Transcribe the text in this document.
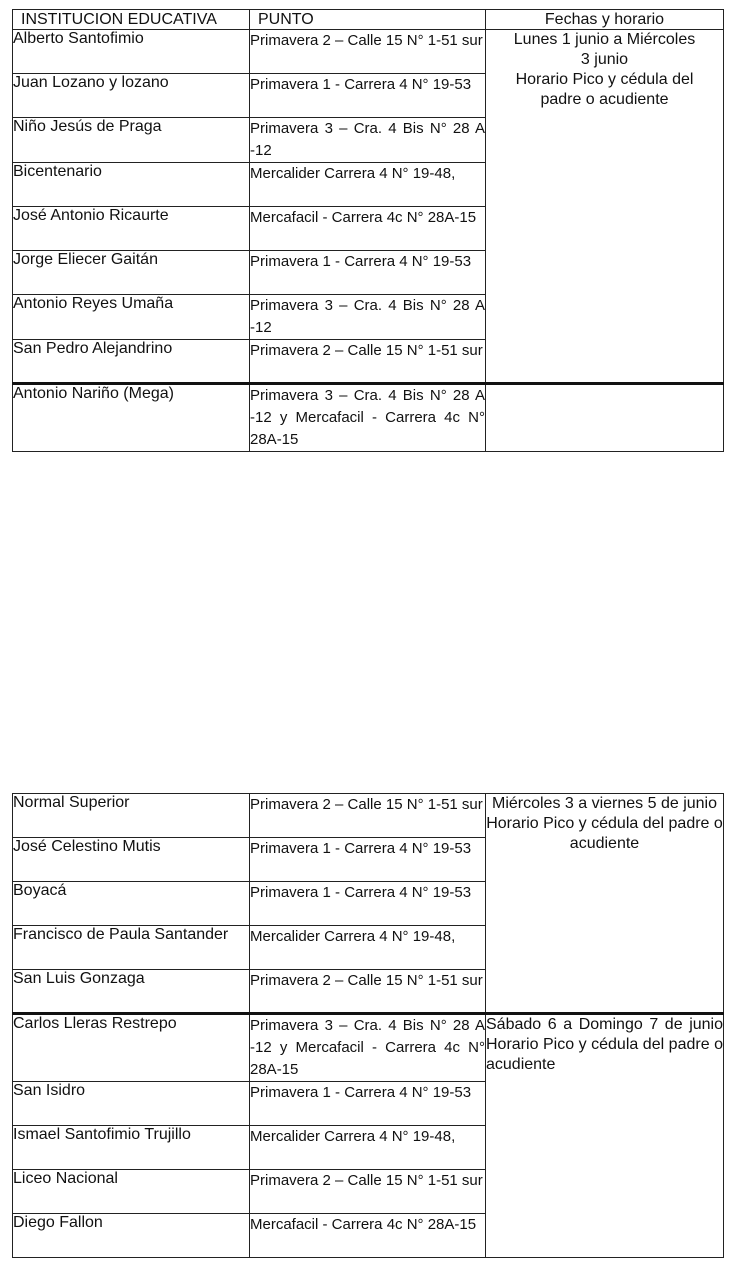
INSTITUCION EDUCATIVA	PUNTO	Fechas y horario
Alberto Santofimio	Primavera 2 – Calle 15 N° 1-51 sur	Lunes 1 junio a Miércoles
3 junio
Horario Pico y cédula del
padre o acudiente

Juan Lozano y lozano	Primavera 1 - Carrera 4 N° 19-53	
Niño Jesús de Praga	Primavera 3 – Cra. 4 Bis N° 28 A -12	
Bicentenario	Mercalider Carrera 4 N° 19-48,	
José Antonio Ricaurte	Mercafacil - Carrera 4c N° 28A-15	
Jorge Eliecer Gaitán	Primavera 1 - Carrera 4 N° 19-53	
Antonio Reyes Umaña	Primavera 3 – Cra. 4 Bis N° 28 A -12	
San Pedro Alejandrino	Primavera 2 – Calle 15 N° 1-51 sur	
Antonio Nariño (Mega)	Primavera 3 – Cra. 4 Bis N° 28 A -12 y Mercafacil - Carrera 4c N° 28A-15	
Normal Superior	Primavera 2 – Calle 15 N° 1-51 sur	Miércoles 3 a viernes 5 de junio Horario Pico y cédula del padre o acudiente
José Celestino Mutis	Primavera 1 - Carrera 4 N° 19-53	
Boyacá	Primavera 1 - Carrera 4 N° 19-53	
Francisco de Paula Santander	Mercalider Carrera 4 N° 19-48,	
San Luis Gonzaga	Primavera 2 – Calle 15 N° 1-51 sur	
Carlos Lleras Restrepo	Primavera 3 – Cra. 4 Bis N° 28 A -12 y Mercafacil - Carrera 4c N° 28A-15	Sábado 6 a Domingo 7 de junio Horario Pico y cédula del padre o acudiente
San Isidro	Primavera 1 - Carrera 4 N° 19-53	
Ismael Santofimio Trujillo	Mercalider Carrera 4 N° 19-48,	
Liceo Nacional	Primavera 2 – Calle 15 N° 1-51 sur	
Diego Fallon	Mercafacil - Carrera 4c N° 28A-15	
